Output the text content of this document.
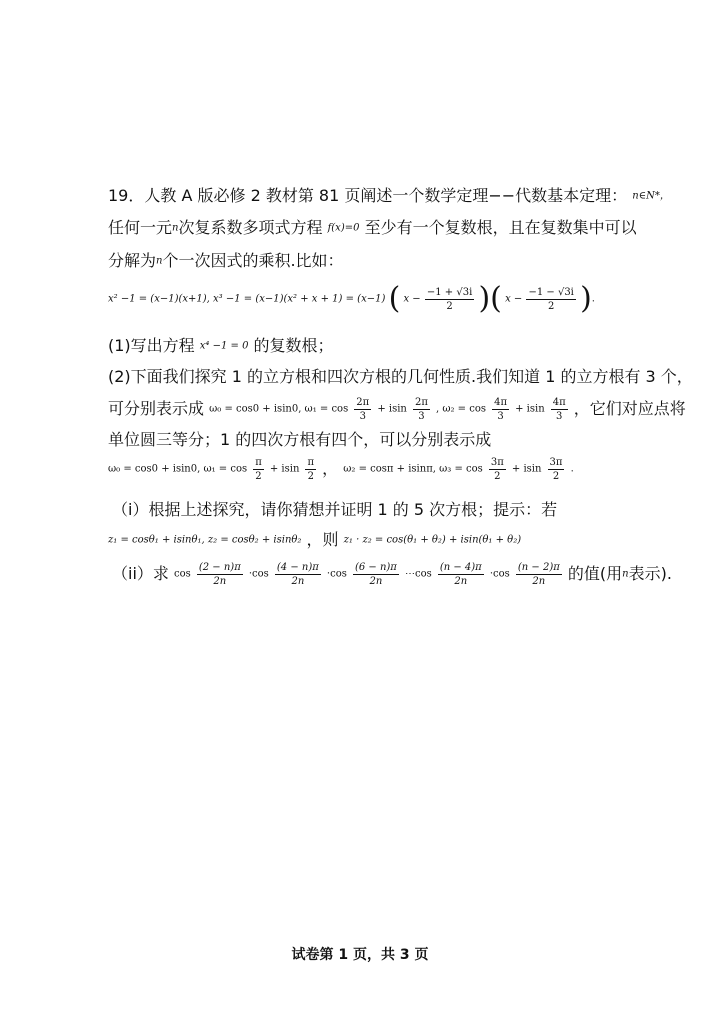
19．人教 A 版必修 2 教材第 81 页阐述一个数学定理−−代数基本定理： n∈N*，
任何一元n次复系数多项式方程 f(x)=0 至少有一个复数根，且在复数集中可以
分解为n个一次因式的乘积.比如：
x² −1 = (x−1)(x+1), x³ −1 = (x−1)(x² + x + 1) = (x−1) ( $x - \frac{-1 + √3i}{2}$ )( $x - \frac{-1 - √3i}{2}$ ).
(1)写出方程 x⁴ −1 = 0 的复数根；
(2)下面我们探究 1 的立方根和四次方根的几何性质.我们知道 1 的立方根有 3 个，
可分别表示成 ω₀ = cos0 + isin0, $\omega_1 = \cos \frac{2\pi}{3} + isin \frac{2\pi}{3}$ , $\omega_2 = \cos \frac{4\pi}{3} + isin \frac{4\pi}{3}$ ，它们对应点将
单位圆三等分；1 的四次方根有四个，可以分别表示成
ω₀ = cos0 + isin0, $\omega_1 = \cos \frac{\pi}{2} + isin \frac{\pi}{2}$ ， ω₂ = cosπ + isinπ, $\omega_3 = \cos \frac{3\pi}{2} + isin \frac{3\pi}{2}$ .
（i）根据上述探究，请你猜想并证明 1 的 5 次方根；提示：若
z₁ = cosθ₁ + isinθ₁, z₂ = cosθ₂ + isinθ₂ ，则 z₁ · z₂ = cos(θ₁ + θ₂) + isin(θ₁ + θ₂)
（ii）求 $\cos \frac{(2 - n)\pi}{2n} \cdot\cos \frac{(4 - n)\pi}{2n} \cdot\cos \frac{(6 - n)\pi}{2n}$ ⋯cos $\frac{(n - 4)\pi}{2n} \cdot\cos \frac{(n - 2)\pi}{2n}$ 的值(用n表示).
试卷第 1 页，共 3 页
